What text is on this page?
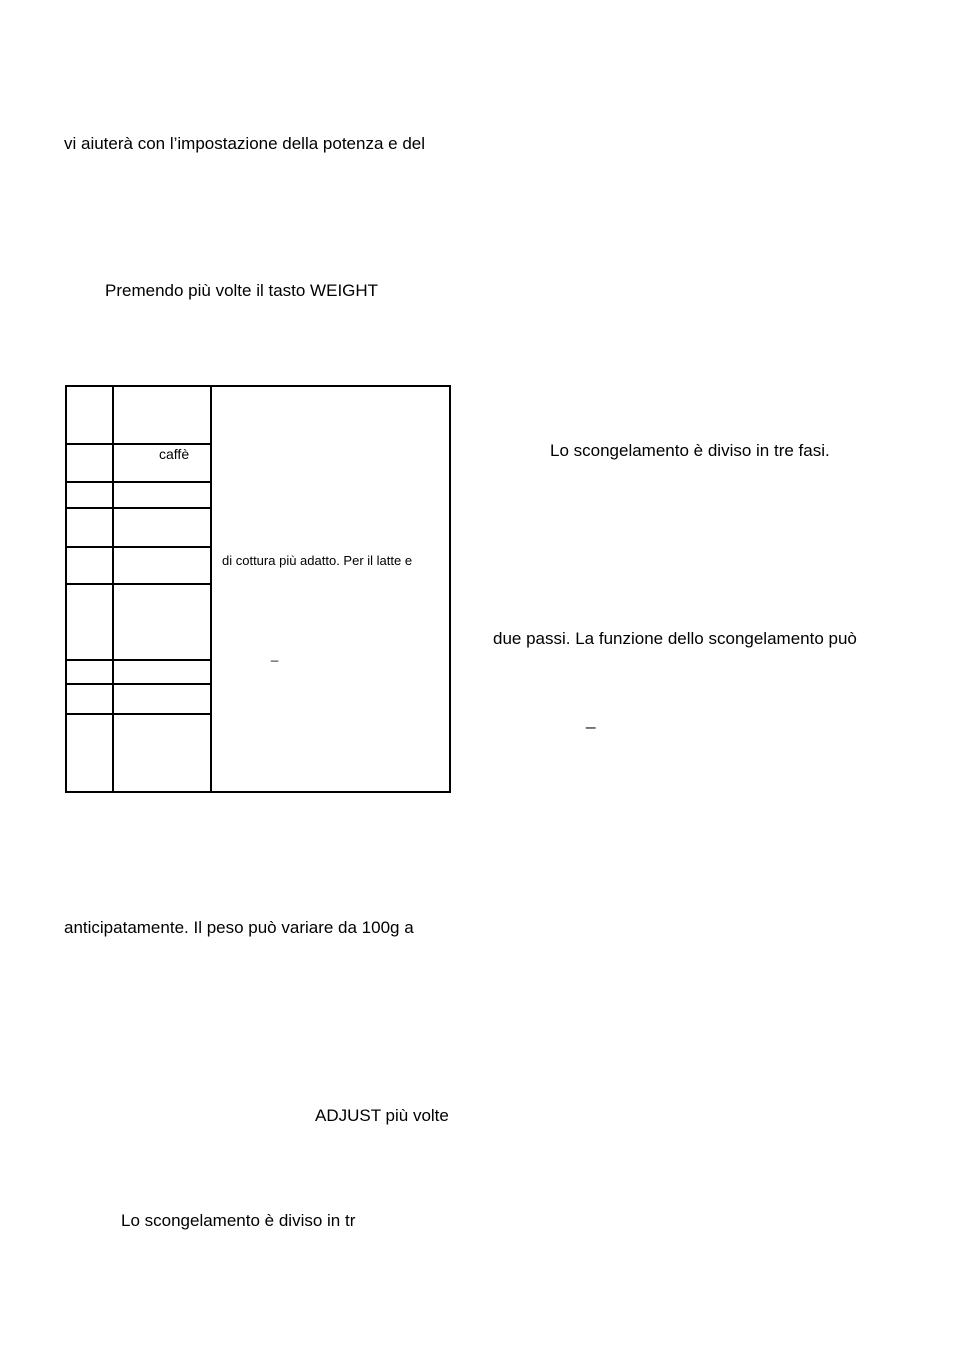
vi aiuterà con l’impostazione della potenza e del
Premendo più volte il tasto WEIGHT
caffè
di cottura più adatto. Per il latte e
_
Lo scongelamento è diviso in tre fasi.
due passi. La funzione dello scongelamento può
_
anticipatamente. Il peso può variare da 100g a
ADJUST più volte
Lo scongelamento è diviso in tr
